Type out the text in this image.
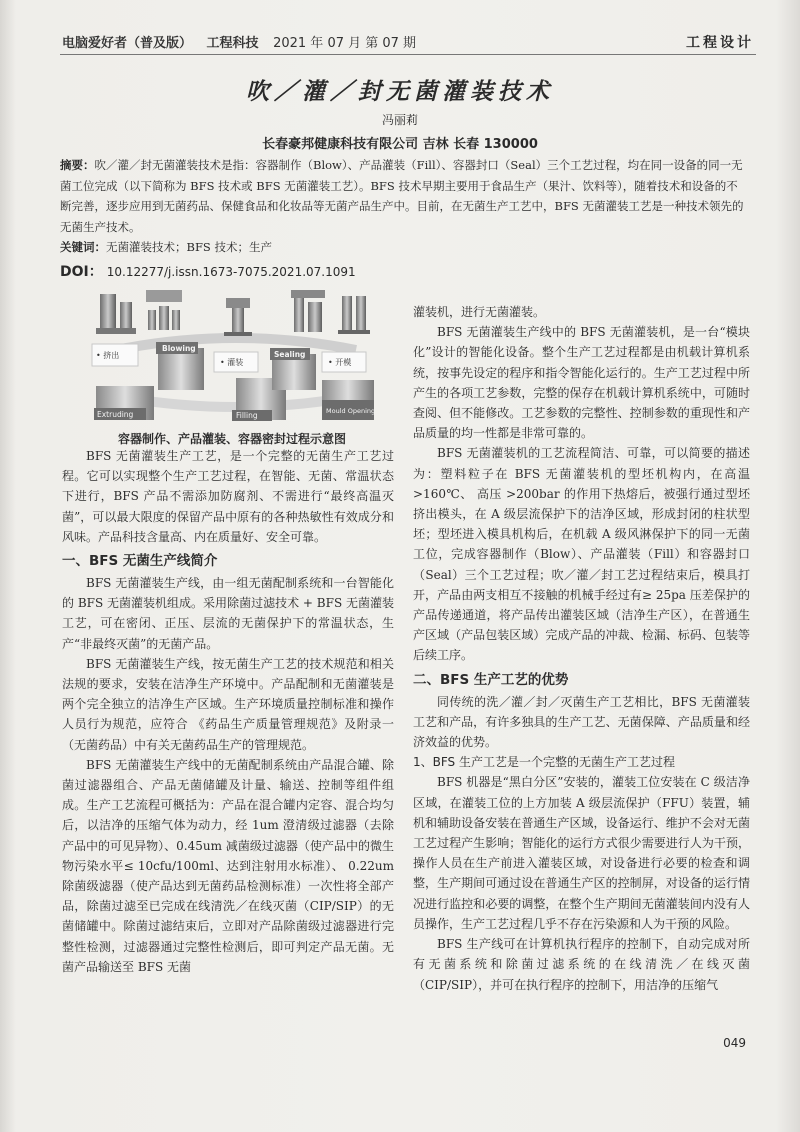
电脑爱好者（普及版） 工程科技 2021 年 07 月 第 07 期	工程设计
吹／灌／封无菌灌装技术
冯丽莉
长春豪邦健康科技有限公司 吉林 长春 130000
摘要：吹／灌／封无菌灌装技术是指：容器制作（Blow）、产品灌装（Fill）、容器封口（Seal）三个工艺过程，均在同一设备的同一无菌工位完成（以下简称为 BFS 技术或 BFS 无菌灌装工艺）。BFS 技术早期主要用于食品生产（果汁、饮料等），随着技术和设备的不断完善，逐步应用到无菌药品、保健食品和化妆品等无菌产品生产中。目前，在无菌生产工艺中，BFS 无菌灌装工艺是一种技术领先的无菌生产技术。
关键词：无菌灌装技术；BFS 技术；生产
DOI： 10.12277/j.issn.1673-7075.2021.07.1091
• 挤出
Blowing
Extruding
• 灌装
Filling
Sealing
• 开模
Mould Opening
容器制作、产品灌装、容器密封过程示意图

BFS 无菌灌装生产工艺，是一个完整的无菌生产工艺过程。它可以实现整个生产工艺过程，在智能、无菌、常温状态下进行，BFS 产品不需添加防腐剂、不需进行“最终高温灭菌”，可以最大限度的保留产品中原有的各种热敏性有效成分和风味。产品科技含量高、内在质量好、安全可靠。

一、BFS 无菌生产线简介

BFS 无菌灌装生产线，由一组无菌配制系统和一台智能化的 BFS 无菌灌装机组成。采用除菌过滤技术 + BFS 无菌灌装工艺，可在密闭、正压、层流的无菌保护下的常温状态，生产“非最终灭菌”的无菌产品。

BFS 无菌灌装生产线，按无菌生产工艺的技术规范和相关法规的要求，安装在洁净生产环境中。产品配制和无菌灌装是两个完全独立的洁净生产区域。生产环境质量控制标准和操作人员行为规范，应符合 《药品生产质量管理规范》及附录一（无菌药品）中有关无菌药品生产的管理规范。

BFS 无菌灌装生产线中的无菌配制系统由产品混合罐、除菌过滤器组合、产品无菌储罐及计量、输送、控制等组件组成。生产工艺流程可概括为：产品在混合罐内定容、混合均匀后，以洁净的压缩气体为动力，经 1um 澄清级过滤器（去除产品中的可见异物）、0.45um 减菌级过滤器（使产品中的微生物污染水平≤ 10cfu/100ml、达到注射用水标准）、 0.22um 除菌级滤器（使产品达到无菌药品检测标准）一次性将全部产品，除菌过滤至已完成在线清洗／在线灭菌（CIP/SIP）的无菌储罐中。除菌过滤结束后，立即对产品除菌级过滤器进行完整性检测，过滤器通过完整性检测后，即可判定产品无菌。无菌产品输送至 BFS 无菌

灌装机，进行无菌灌装。

BFS 无菌灌装生产线中的 BFS 无菌灌装机，是一台“模块化”设计的智能化设备。整个生产工艺过程都是由机载计算机系统，按事先设定的程序和指令智能化运行的。生产工艺过程中所产生的各项工艺参数，完整的保存在机载计算机系统中，可随时查阅、但不能修改。工艺参数的完整性、控制参数的重现性和产品质量的均一性都是非常可靠的。

BFS 无菌灌装机的工艺流程简洁、可靠，可以简要的描述为：塑料粒子在 BFS 无菌灌装机的型坯机构内，在高温 >160℃、 高压 >200bar 的作用下热熔后，被强行通过型坯挤出模头，在 A 级层流保护下的洁净区域，形成封闭的柱状型坯；型坯进入模具机构后，在机载 A 级风淋保护下的同一无菌工位，完成容器制作（Blow）、产品灌装（Fill）和容器封口（Seal）三个工艺过程；吹／灌／封工艺过程结束后，模具打开，产品由两支相互不接触的机械手经过有≥ 25pa 压差保护的产品传递通道，将产品传出灌装区域（洁净生产区），在普通生产区域（产品包装区域）完成产品的冲裁、检漏、标码、包装等后续工序。

二、BFS 生产工艺的优势

同传统的洗／灌／封／灭菌生产工艺相比，BFS 无菌灌装工艺和产品，有许多独具的生产工艺、无菌保障、产品质量和经济效益的优势。

1、BFS 生产工艺是一个完整的无菌生产工艺过程

BFS 机器是“黑白分区”安装的，灌装工位安装在 C 级洁净区域，在灌装工位的上方加装 A 级层流保护（FFU）装置，辅机和辅助设备安装在普通生产区域，设备运行、维护不会对无菌工艺过程产生影响；智能化的运行方式很少需要进行人为干预，操作人员在生产前进入灌装区域，对设备进行必要的检查和调整，生产期间可通过设在普通生产区的控制屏，对设备的运行情况进行监控和必要的调整，在整个生产期间无菌灌装间内没有人员操作，生产工艺过程几乎不存在污染源和人为干预的风险。

BFS 生产线可在计算机执行程序的控制下，自动完成对所有无菌系统和除菌过滤系统的在线清洗／在线灭菌（CIP/SIP），并可在执行程序的控制下，用洁净的压缩气

049
